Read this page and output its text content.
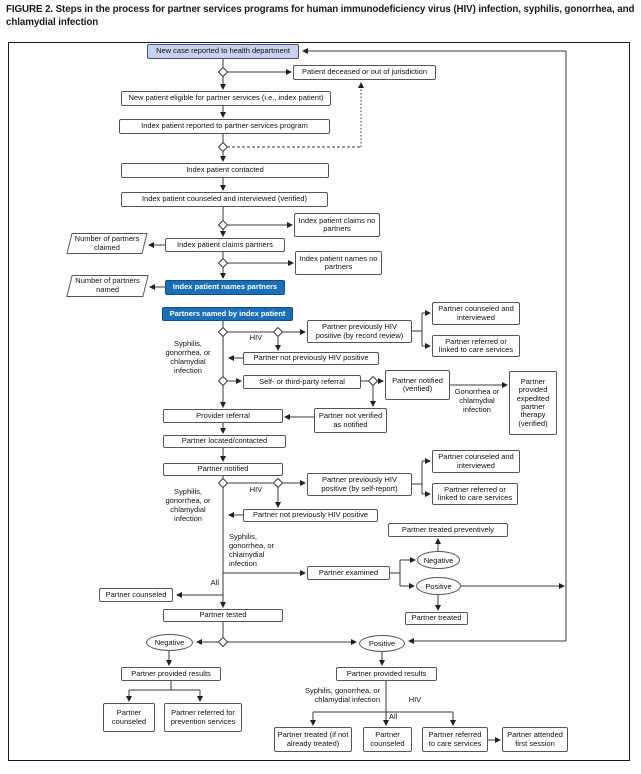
FIGURE 2. Steps in the process for partner services programs for human immunodeficiency virus (HIV) infection, syphilis, gonorrhea, and chlamydial infection
New case reported to health department
Patient deceased or out of jurisdiction
New patient eligible for partner services (i.e., index patient)
Index patient reported to partner services program
Index patient contacted
Index patient counseled and interviewed (verified)
Index patient claims no partners
Index patient claims partners
Number of partners claimed
Index patient names no partners
Index patient names partners
Number of partners named
Partners named by index patient
Partner previously HIV positive (by record review)
Partner counseled and interviewed
Partner referred or linked to care services
Partner not previously HIV positive
Self- or third-party referral	Partner notified (verified)
Partner provided expedited partner therapy (verified)
Partner not verified as notified
Provider referral
Partner located/contacted
Partner notified
Partner previously HIV positive (by self-report)
Partner counseled and interviewed
Partner referred or linked to care services
Partner not previously HIV positive
Partner treated preventively
Partner examined
Negative
Positive
Partner counseled
Partner tested	Partner treated
Negative	Positive
Partner provided results	Partner provided results
Partner counseled
Partner referred for prevention services
Partner treated (if not already treated)
Partner counseled
Partner referred to care services
Partner attended first session
HIV
Syphilis, gonorrhea, or chlamydial infection
Gonorrhea or chlamydial infection
HIV
Syphilis, gonorrhea, or chlamydial infection
Syphilis, gonorrhea, or chlamydial infection
All
Syphilis, gonorrhea, or chlamydial infection	HIV
All
